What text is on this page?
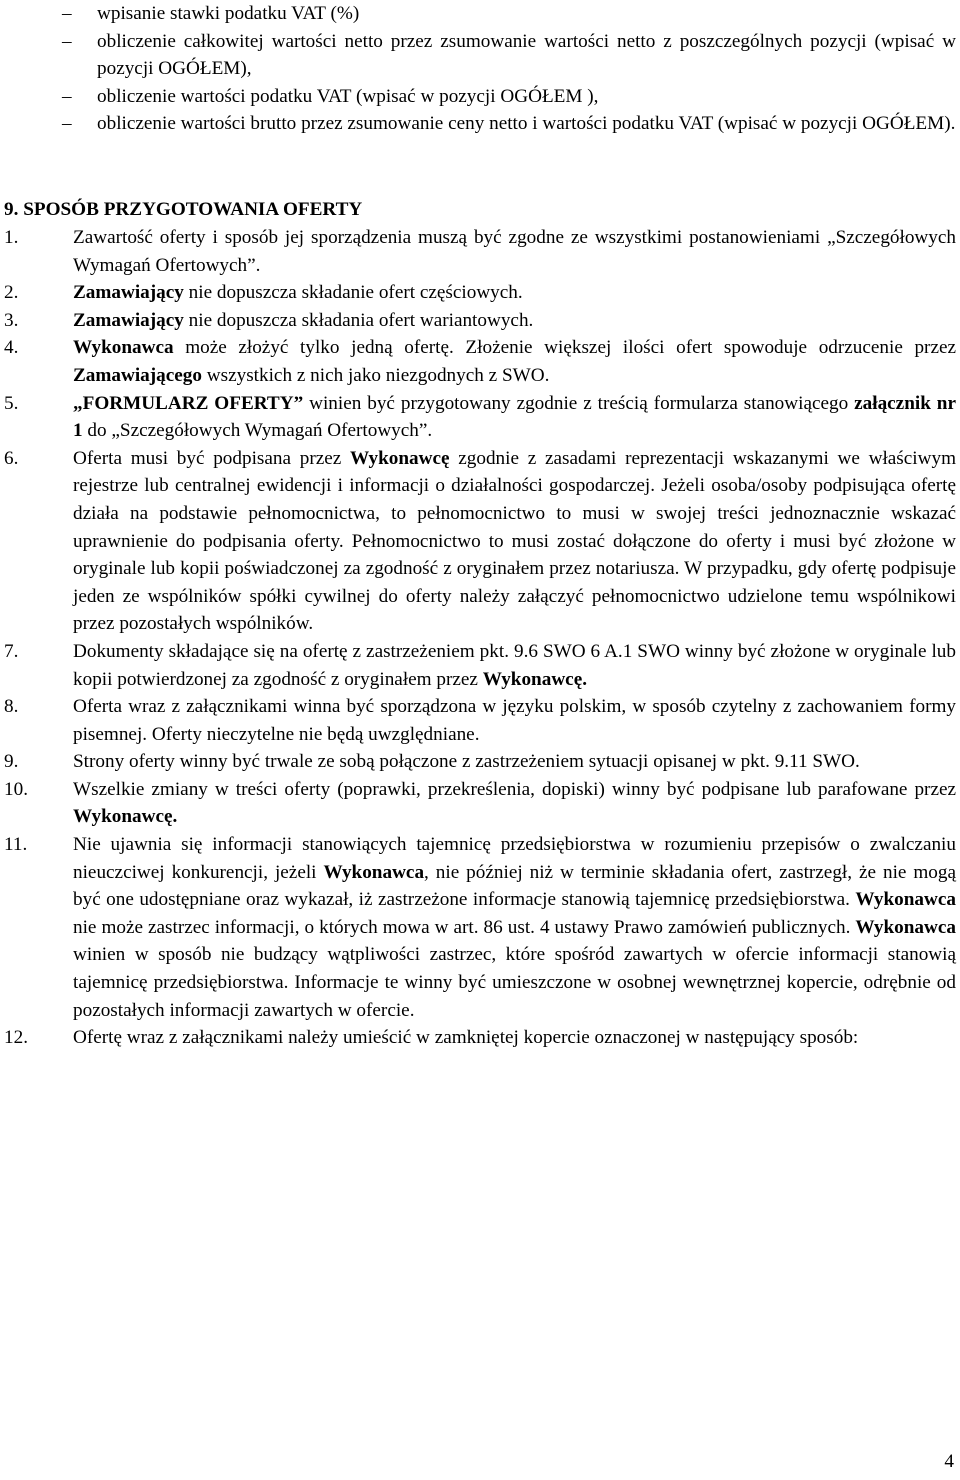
– wpisanie stawki podatku VAT (%)
– obliczenie całkowitej wartości netto przez zsumowanie wartości netto z poszczególnych pozycji (wpisać w pozycji OGÓŁEM),
– obliczenie wartości podatku VAT (wpisać w pozycji OGÓŁEM ),
– obliczenie wartości brutto przez zsumowanie ceny netto i wartości podatku VAT (wpisać w pozycji OGÓŁEM).
9. SPOSÓB PRZYGOTOWANIA OFERTY
1.	Zawartość oferty i sposób jej sporządzenia muszą być zgodne ze wszystkimi postanowieniami „Szczegółowych Wymagań Ofertowych”.
2.	Zamawiający nie dopuszcza składanie ofert częściowych.
3.	Zamawiający nie dopuszcza składania ofert wariantowych.
4.	Wykonawca może złożyć tylko jedną ofertę. Złożenie większej ilości ofert spowoduje odrzucenie przez Zamawiającego wszystkich z nich jako niezgodnych z SWO.
5.	„FORMULARZ OFERTY” winien być przygotowany zgodnie z treścią formularza stanowiącego załącznik nr 1 do „Szczegółowych Wymagań Ofertowych”.
6.	Oferta musi być podpisana przez Wykonawcę zgodnie z zasadami reprezentacji wskazanymi we właściwym rejestrze lub centralnej ewidencji i informacji o działalności gospodarczej. Jeżeli osoba/osoby podpisująca ofertę działa na podstawie pełnomocnictwa, to pełnomocnictwo to musi w swojej treści jednoznacznie wskazać uprawnienie do podpisania oferty. Pełnomocnictwo to musi zostać dołączone do oferty i musi być złożone w oryginale lub kopii poświadczonej za zgodność z oryginałem przez notariusza. W przypadku, gdy ofertę podpisuje jeden ze wspólników spółki cywilnej do oferty należy załączyć pełnomocnictwo udzielone temu wspólnikowi przez pozostałych wspólników.
7.	Dokumenty składające się na ofertę z zastrzeżeniem pkt. 9.6 SWO 6 A.1 SWO winny być złożone w oryginale lub kopii potwierdzonej za zgodność z oryginałem przez Wykonawcę.
8.	Oferta wraz z załącznikami winna być sporządzona w języku polskim, w sposób czytelny z zachowaniem formy pisemnej. Oferty nieczytelne nie będą uwzględniane.
9.	Strony oferty winny być trwale ze sobą połączone z zastrzeżeniem sytuacji opisanej w pkt. 9.11 SWO.
10. Wszelkie zmiany w treści oferty (poprawki, przekreślenia, dopiski) winny być podpisane lub parafowane przez Wykonawcę.
11. Nie ujawnia się informacji stanowiących tajemnicę przedsiębiorstwa w rozumieniu przepisów o zwalczaniu nieuczciwej konkurencji, jeżeli Wykonawca, nie później niż w terminie składania ofert, zastrzegł, że nie mogą być one udostępniane oraz wykazał, iż zastrzeżone informacje stanowią tajemnicę przedsiębiorstwa. Wykonawca nie może zastrzec informacji, o których mowa w art. 86 ust. 4 ustawy Prawo zamówień publicznych. Wykonawca winien w sposób nie budzący wątpliwości zastrzec, które spośród zawartych w ofercie informacji stanowią tajemnicę przedsiębiorstwa. Informacje te winny być umieszczone w osobnej wewnętrznej kopercie, odrębnie od pozostałych informacji zawartych w ofercie.
12. Ofertę wraz z załącznikami należy umieścić w zamkniętej kopercie oznaczonej w następujący sposób:
4
